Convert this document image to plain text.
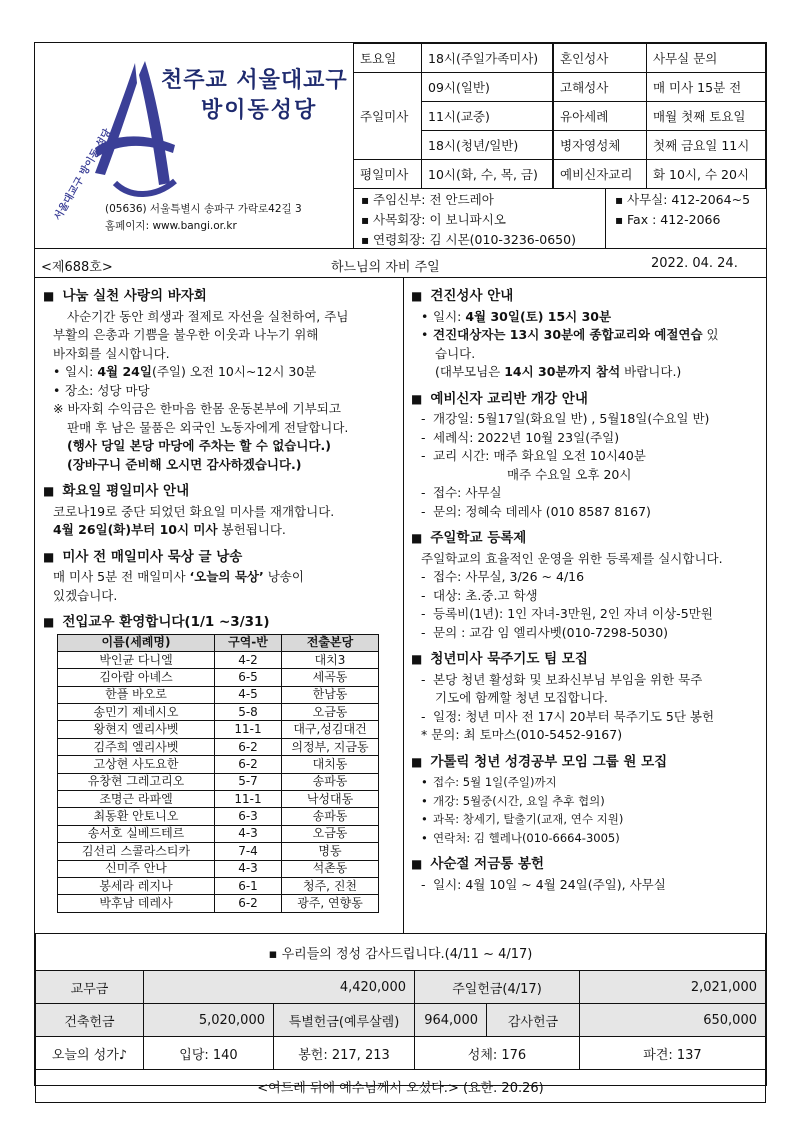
서울대교구 방이동 성당
천주교 서울대교구
방이동성당
(05636) 서울특별시 송파구 가락로42길 3
홈페이지: www.bangi.or.kr
토요일	18시(주일가족미사)	혼인성사	사무실 문의
주일미사	09시(일반)	고해성사	매 미사 15분 전
	11시(교중)	유아세례	매월 첫째 토요일
	18시(청년/일반)	병자영성체	첫째 금요일 11시
평일미사	10시(화, 수, 목, 금)	예비신자교리	화 10시, 수 20시
▪ 주임신부: 전 안드레아
▪ 사목회장: 이 보니파시오
▪ 연령회장: 김 시몬(010-3236-0650)
▪ 사무실: 412-2064~5
▪ Fax : 412-2066
<제688호>	하느님의 자비 주일	2022. 04. 24.
■ 나눔 실천 사랑의 바자회

사순기간 동안 희생과 절제로 자선을 실천하여, 주님

부활의 은총과 기쁨을 불우한 이웃과 나누기 위해

바자회를 실시합니다.

• 일시: 4월 24일(주일) 오전 10시~12시 30분

• 장소: 성당 마당

※ 바자회 수익금은 한마음 한몸 운동본부에 기부되고

판매 후 남은 물품은 외국인 노동자에게 전달합니다.

(행사 당일 본당 마당에 주차는 할 수 없습니다.)

(장바구니 준비해 오시면 감사하겠습니다.)

■ 화요일 평일미사 안내

코로나19로 중단 되었던 화요일 미사를 재개합니다.

4월 26일(화)부터 10시 미사 봉헌됩니다.

■ 미사 전 매일미사 묵상 글 낭송

매 미사 5분 전 매일미사 ‘오늘의 묵상’ 낭송이

있겠습니다.

■ 전입교우 환영합니다(1/1 ~3/31)
이름(세례명)	구역-반	전출본당
박인균 다니엘	4-2	대치3
김아람 아녜스	6-5	세곡동
한플 바오로	4-5	한남동
송민기 제네시오	5-8	오금동
왕현지 엘리사벳	11-1	대구,성김대건
김주희 엘리사벳	6-2	의정부, 지금동
고상현 사도요한	6-2	대치동
유창현 그레고리오	5-7	송파동
조명근 라파엘	11-1	낙성대동
최동환 안토니오	6-3	송파동
송서호 실베드테르	4-3	오금동
김선리 스콜라스티카	7-4	명동
신미주 안나	4-3	석촌동
봉세라 레지나	6-1	청주, 진천
박후남 데레사	6-2	광주, 연향동
■ 견진성사 안내

• 일시: 4월 30일(토) 15시 30분

• 견진대상자는 13시 30분에 종합교리와 예절연습 있

습니다.

(대부모님은 14시 30분까지 참석 바랍니다.)

■ 예비신자 교리반 개강 안내

- 개강일: 5월17일(화요일 반) , 5월18일(수요일 반)

- 세례식: 2022년 10월 23일(주일)

- 교리 시간: 매주 화요일 오전 10시40분

매주 수요일 오후 20시

- 접수: 사무실

- 문의: 정혜숙 데레사 (010 8587 8167)

■ 주일학교 등록제

주일학교의 효율적인 운영을 위한 등록제를 실시합니다.

- 접수: 사무실, 3/26 ~ 4/16

- 대상: 초.중.고 학생

- 등록비(1년): 1인 자녀-3만원, 2인 자녀 이상-5만원

- 문의 : 교감 임 엘리사벳(010-7298-5030)

■ 청년미사 묵주기도 팀 모집

- 본당 청년 활성화 및 보좌신부님 부임을 위한 묵주

기도에 함께할 청년 모집합니다.

- 일정: 청년 미사 전 17시 20부터 묵주기도 5단 봉헌

* 문의: 최 토마스(010-5452-9167)

■ 가톨릭 청년 성경공부 모임 그룹 원 모집

• 접수: 5월 1일(주일)까지

• 개강: 5월중(시간, 요일 추후 협의)

• 과목: 창세기, 탈출기(교재, 연수 지원)

• 연락처: 김 헬레나(010-6664-3005)

■ 사순절 저금통 봉헌

- 일시: 4월 10일 ~ 4월 24일(주일), 사무실

▪ 우리들의 정성 감사드립니다.(4/11 ~ 4/17)					
교무금	4,420,000		주일헌금(4/17)		2,021,000
건축헌금	5,020,000	특별헌금(예루살렘)	964,000	감사헌금	650,000
오늘의 성가♪	입당: 140	봉헌: 217, 213	성체: 176		파견: 137
<여드레 뒤에 예수님께서 오셨다.> (요한. 20.26)					
